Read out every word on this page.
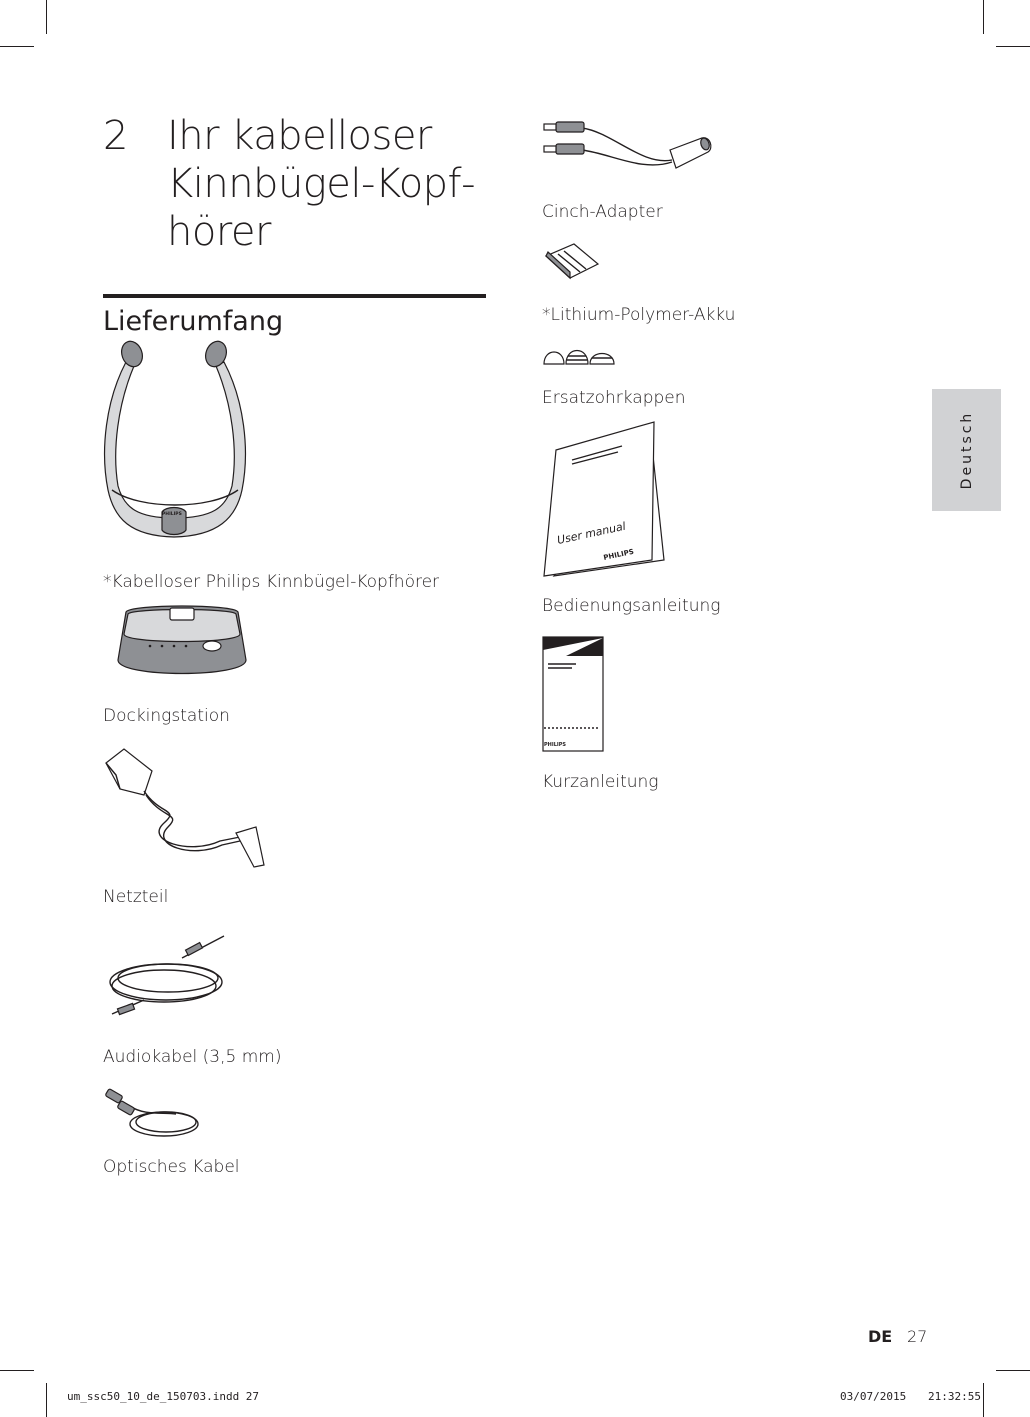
2 Ihr kabelloser Kinnbügel-Kopf-hörer
Lieferumfang
PHILIPS
*Kabelloser Philips Kinnbügel-Kopfhörer
Dockingstation
Netzteil
Audiokabel (3,5 mm)
Optisches Kabel
Cinch-Adapter
*Lithium-Polymer-Akku
Ersatzohrkappen
User manual
PHILIPS
Bedienungsanleitung
PHILIPS
Kurzanleitung
Deutsch
DE 27
um_ssc50_10_de_150703.indd 27	03/07/2015 21:32:55
